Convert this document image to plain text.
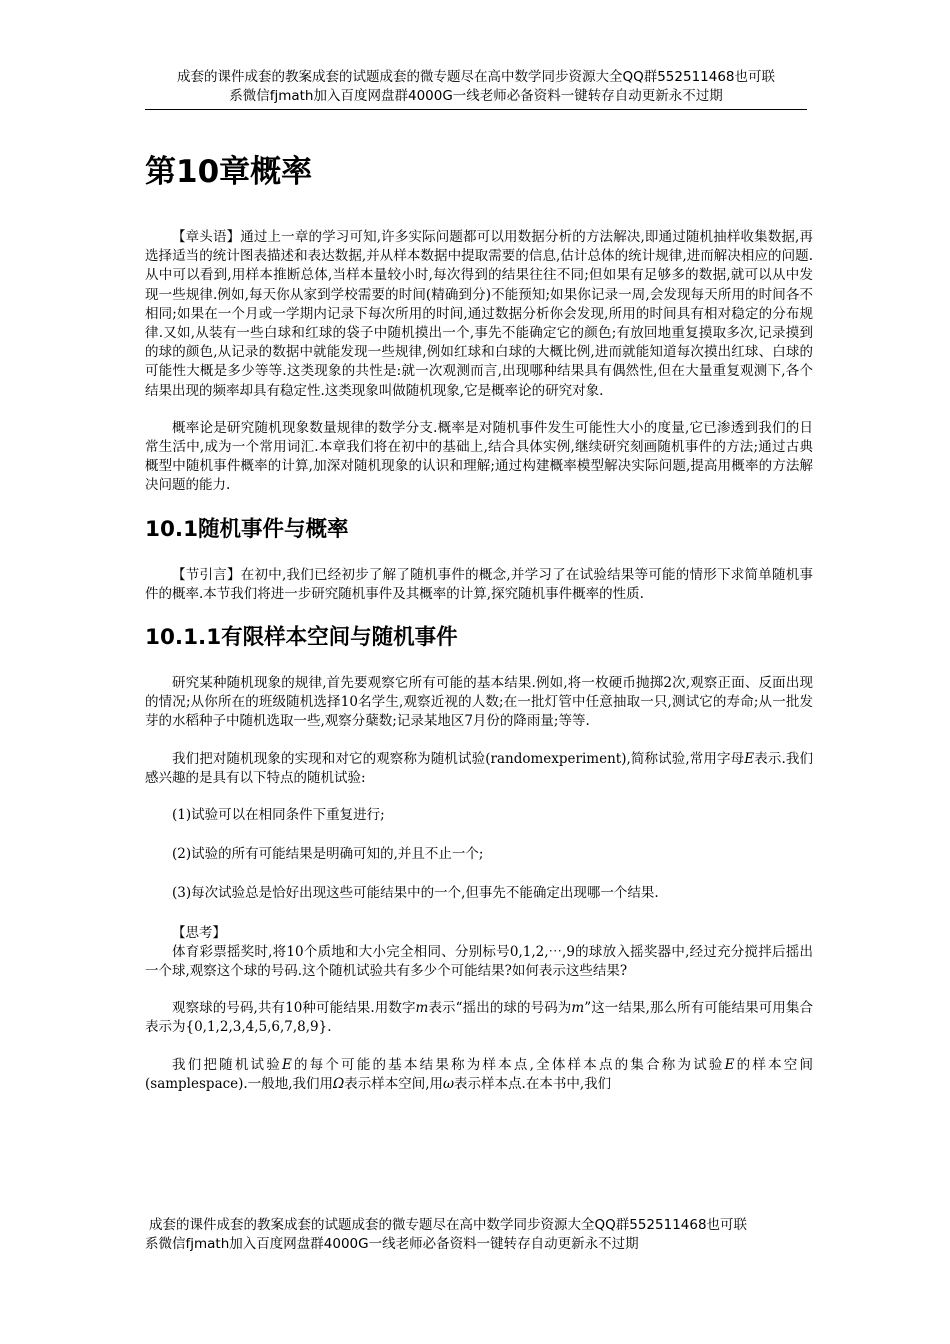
成套的课件成套的教案成套的试题成套的微专题尽在高中数学同步资源大全QQ群552511468也可联
系微信fjmath加入百度网盘群4000G一线老师必备资料一键转存自动更新永不过期
第10章概率

【章头语】通过上一章的学习可知,许多实际问题都可以用数据分析的方法解决,即通过随机抽样收集数据,再选择适当的统计图表描述和表达数据,并从样本数据中提取需要的信息,估计总体的统计规律,进而解决相应的问题.从中可以看到,用样本推断总体,当样本量较小时,每次得到的结果往往不同;但如果有足够多的数据,就可以从中发现一些规律.例如,每天你从家到学校需要的时间(精确到分)不能预知;如果你记录一周,会发现每天所用的时间各不相同;如果在一个月或一学期内记录下每次所用的时间,通过数据分析你会发现,所用的时间具有相对稳定的分布规律.又如,从装有一些白球和红球的袋子中随机摸出一个,事先不能确定它的颜色;有放回地重复摸取多次,记录摸到的球的颜色,从记录的数据中就能发现一些规律,例如红球和白球的大概比例,进而就能知道每次摸出红球、白球的可能性大概是多少等等.这类现象的共性是:就一次观测而言,出现哪种结果具有偶然性,但在大量重复观测下,各个结果出现的频率却具有稳定性.这类现象叫做随机现象,它是概率论的研究对象.

概率论是研究随机现象数量规律的数学分支.概率是对随机事件发生可能性大小的度量,它已渗透到我们的日常生活中,成为一个常用词汇.本章我们将在初中的基础上,结合具体实例,继续研究刻画随机事件的方法;通过古典概型中随机事件概率的计算,加深对随机现象的认识和理解;通过构建概率模型解决实际问题,提高用概率的方法解决问题的能力.

10.1随机事件与概率

【节引言】在初中,我们已经初步了解了随机事件的概念,并学习了在试验结果等可能的情形下求简单随机事件的概率.本节我们将进一步研究随机事件及其概率的计算,探究随机事件概率的性质.

10.1.1有限样本空间与随机事件

研究某种随机现象的规律,首先要观察它所有可能的基本结果.例如,将一枚硬币抛掷2次,观察正面、反面出现的情况;从你所在的班级随机选择10名学生,观察近视的人数;在一批灯管中任意抽取一只,测试它的寿命;从一批发芽的水稻种子中随机选取一些,观察分蘖数;记录某地区7月份的降雨量;等等.

我们把对随机现象的实现和对它的观察称为随机试验(randomexperiment),简称试验,常用字母E表示.我们感兴趣的是具有以下特点的随机试验:

(1)试验可以在相同条件下重复进行;

(2)试验的所有可能结果是明确可知的,并且不止一个;

(3)每次试验总是恰好出现这些可能结果中的一个,但事先不能确定出现哪一个结果.

【思考】

体育彩票摇奖时,将10个质地和大小完全相同、分别标号0,1,2,⋯,9的球放入摇奖器中,经过充分搅拌后摇出一个球,观察这个球的号码.这个随机试验共有多少个可能结果?如何表示这些结果?

观察球的号码,共有10种可能结果.用数字m表示“摇出的球的号码为m”这一结果,那么所有可能结果可用集合表示为{0,1,2,3,4,5,6,7,8,9}.

我们把随机试验E的每个可能的基本结果称为样本点,全体样本点的集合称为试验E的样本空间(samplespace).一般地,我们用Ω表示样本空间,用ω表示样本点.在本书中,我们

成套的课件成套的教案成套的试题成套的微专题尽在高中数学同步资源大全QQ群552511468也可联
系微信fjmath加入百度网盘群4000G一线老师必备资料一键转存自动更新永不过期
